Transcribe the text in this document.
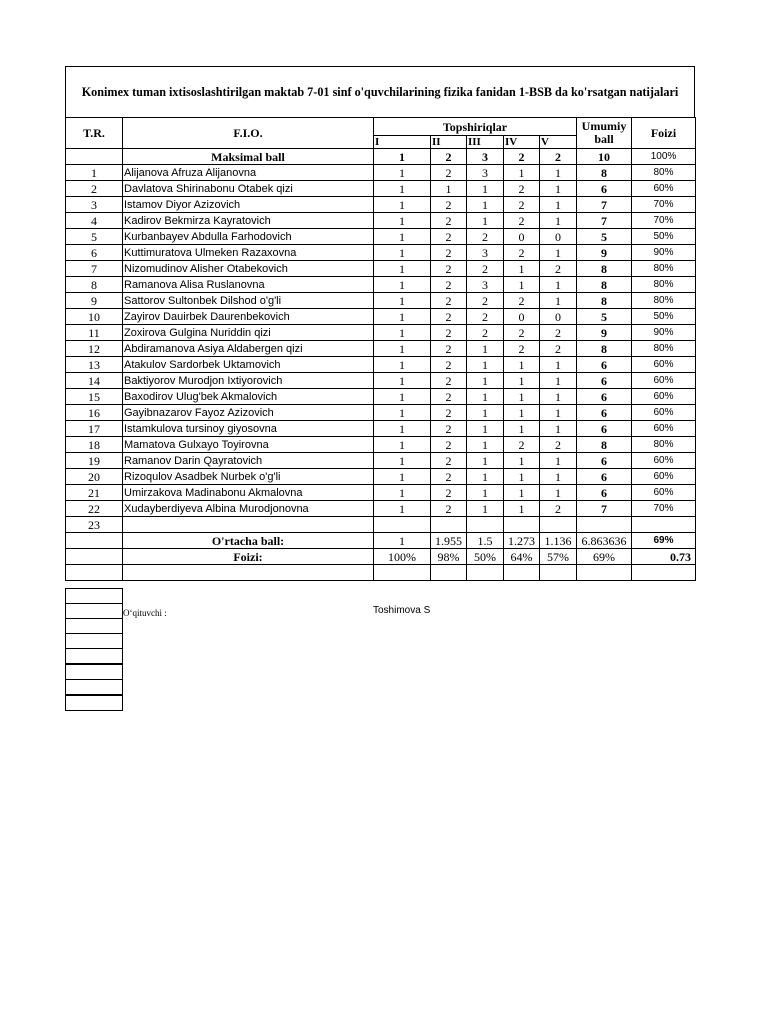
Konimex tuman ixtisoslashtirilgan maktab 7-01 sinf o'quvchilarining fizika fanidan 1-BSB da ko'rsatgan natijalari
T.R.	F.I.O.	Topshiriqlar					Umumiy ball	Foizi
		I	II	III	IV	V		
	Maksimal ball	1	2	3	2	2	10	100%
1	Alijanova Afruza Alijanovna	1	2	3	1	1	8	80%
2	Davlatova Shirinabonu Otabek qizi	1	1	1	2	1	6	60%
3	Istamov Diyor Azizovich	1	2	1	2	1	7	70%
4	Kadirov Bekmirza Kayratovich	1	2	1	2	1	7	70%
5	Kurbanbayev Abdulla Farhodovich	1	2	2	0	0	5	50%
6	Kuttimuratova Ulmeken Razaxovna	1	2	3	2	1	9	90%
7	Nizomudinov Alisher Otabekovich	1	2	2	1	2	8	80%
8	Ramanova Alisa Ruslanovna	1	2	3	1	1	8	80%
9	Sattorov Sultonbek Dilshod o'g'li	1	2	2	2	1	8	80%
10	Zayirov Dauirbek Daurenbekovich	1	2	2	0	0	5	50%
11	Zoxirova Gulgina Nuriddin qizi	1	2	2	2	2	9	90%
12	Abdiramanova Asiya Aldabergen qizi	1	2	1	2	2	8	80%
13	Atakulov Sardorbek Uktamovich	1	2	1	1	1	6	60%
14	Baktiyorov Murodjon Ixtiyorovich	1	2	1	1	1	6	60%
15	Baxodirov Ulug'bek Akmalovich	1	2	1	1	1	6	60%
16	Gayibnazarov Fayoz Azizovich	1	2	1	1	1	6	60%
17	Istamkulova tursinoy giyosovna	1	2	1	1	1	6	60%
18	Mamatova Gulxayo Toyirovna	1	2	1	2	2	8	80%
19	Ramanov Darin Qayratovich	1	2	1	1	1	6	60%
20	Rizoqulov Asadbek Nurbek o'g'li	1	2	1	1	1	6	60%
21	Umirzakova Madinabonu Akmalovna	1	2	1	1	1	6	60%
22	Xudayberdiyeva Albina Murodjonovna	1	2	1	1	2	7	70%
23								
	O'rtacha ball:	1	1.955	1.5	1.273	1.136	6.863636	69%
	Foizi:	100%	98%	50%	64%	57%	69%	0.73

O‘qituvchi :	Toshimova S
